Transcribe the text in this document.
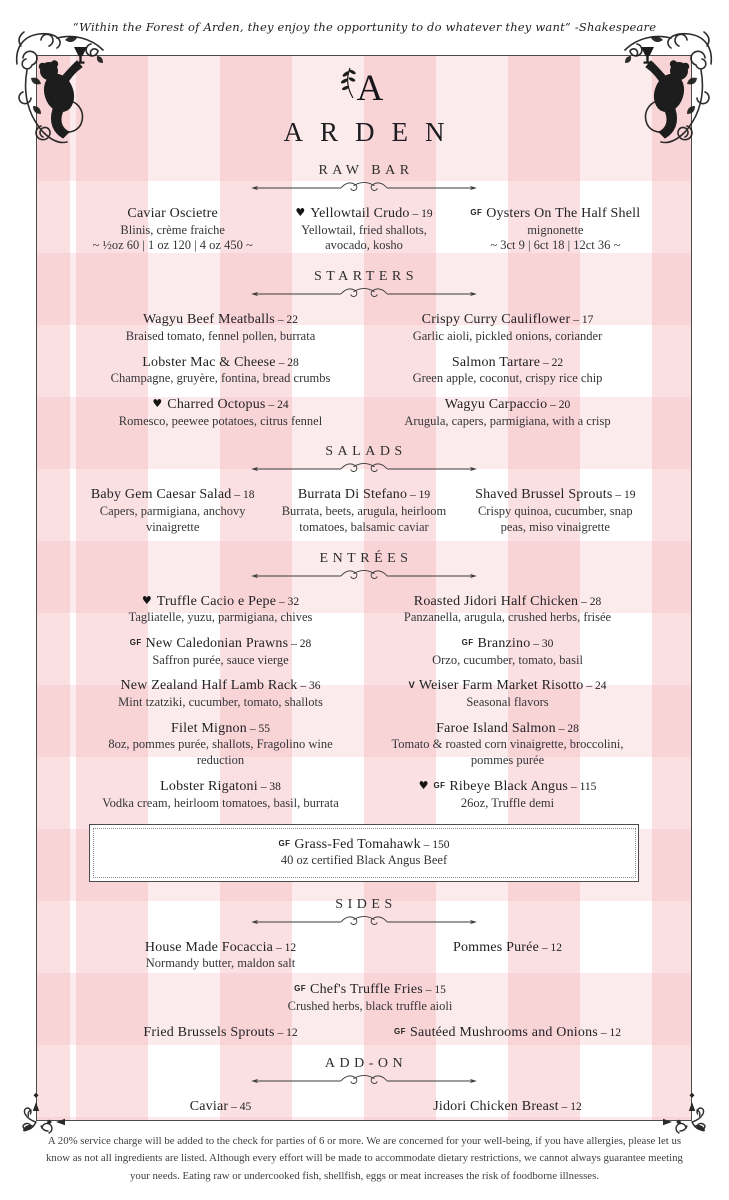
“Within the Forest of Arden, they enjoy the opportunity to do whatever they want” -Shakespeare
A
ARDEN
RAW BAR
Caviar Oscietre
Blinis, crème fraiche
~ ½oz 60 | 1 oz 120 | 4 oz 450 ~
♥ Yellowtail Crudo – 19
Yellowtail, fried shallots,
avocado, kosho
GF Oysters On The Half Shell
mignonette
~ 3ct 9 | 6ct 18 | 12ct 36 ~
STARTERS
Wagyu Beef Meatballs – 22
Braised tomato, fennel pollen, burrata
Crispy Curry Cauliflower – 17
Garlic aioli, pickled onions, coriander
Lobster Mac & Cheese – 28
Champagne, gruyère, fontina, bread crumbs
Salmon Tartare – 22
Green apple, coconut, crispy rice chip
♥ Charred Octopus – 24
Romesco, peewee potatoes, citrus fennel
Wagyu Carpaccio – 20
Arugula, capers, parmigiana, with a crisp
SALADS
Baby Gem Caesar Salad – 18
Capers, parmigiana, anchovy
vinaigrette
Burrata Di Stefano – 19
Burrata, beets, arugula, heirloom
tomatoes, balsamic caviar
Shaved Brussel Sprouts – 19
Crispy quinoa, cucumber, snap
peas, miso vinaigrette
ENTRÉES
♥ Truffle Cacio e Pepe – 32
Tagliatelle, yuzu, parmigiana, chives
Roasted Jidori Half Chicken – 28
Panzanella, arugula, crushed herbs, frisée
GF New Caledonian Prawns – 28
Saffron purée, sauce vierge
GF Branzino – 30
Orzo, cucumber, tomato, basil
New Zealand Half Lamb Rack – 36
Mint tzatziki, cucumber, tomato, shallots
V Weiser Farm Market Risotto – 24
Seasonal flavors
Filet Mignon – 55
8oz, pommes purée, shallots, Fragolino wine
reduction
Faroe Island Salmon – 28
Tomato & roasted corn vinaigrette, broccolini,
pommes purée
Lobster Rigatoni – 38
Vodka cream, heirloom tomatoes, basil, burrata
♥ GF Ribeye Black Angus – 115
26oz, Truffle demi
GF Grass-Fed Tomahawk – 150
40 oz certified Black Angus Beef
SIDES
House Made Focaccia – 12
Normandy butter, maldon salt
Pommes Purée – 12
GF Chef's Truffle Fries – 15
Crushed herbs, black truffle aioli
Fried Brussels Sprouts – 12	GF Sautéed Mushrooms and Onions – 12
ADD-ON
Caviar – 45	Jidori Chicken Breast – 12
A 20% service charge will be added to the check for parties of 6 or more. We are concerned for your well-being, if you have allergies, please let us know as not all ingredients are listed. Although every effort will be made to accommodate dietary restrictions, we cannot always guarantee meeting your needs. Eating raw or undercooked fish, shellfish, eggs or meat increases the risk of foodborne illnesses.
